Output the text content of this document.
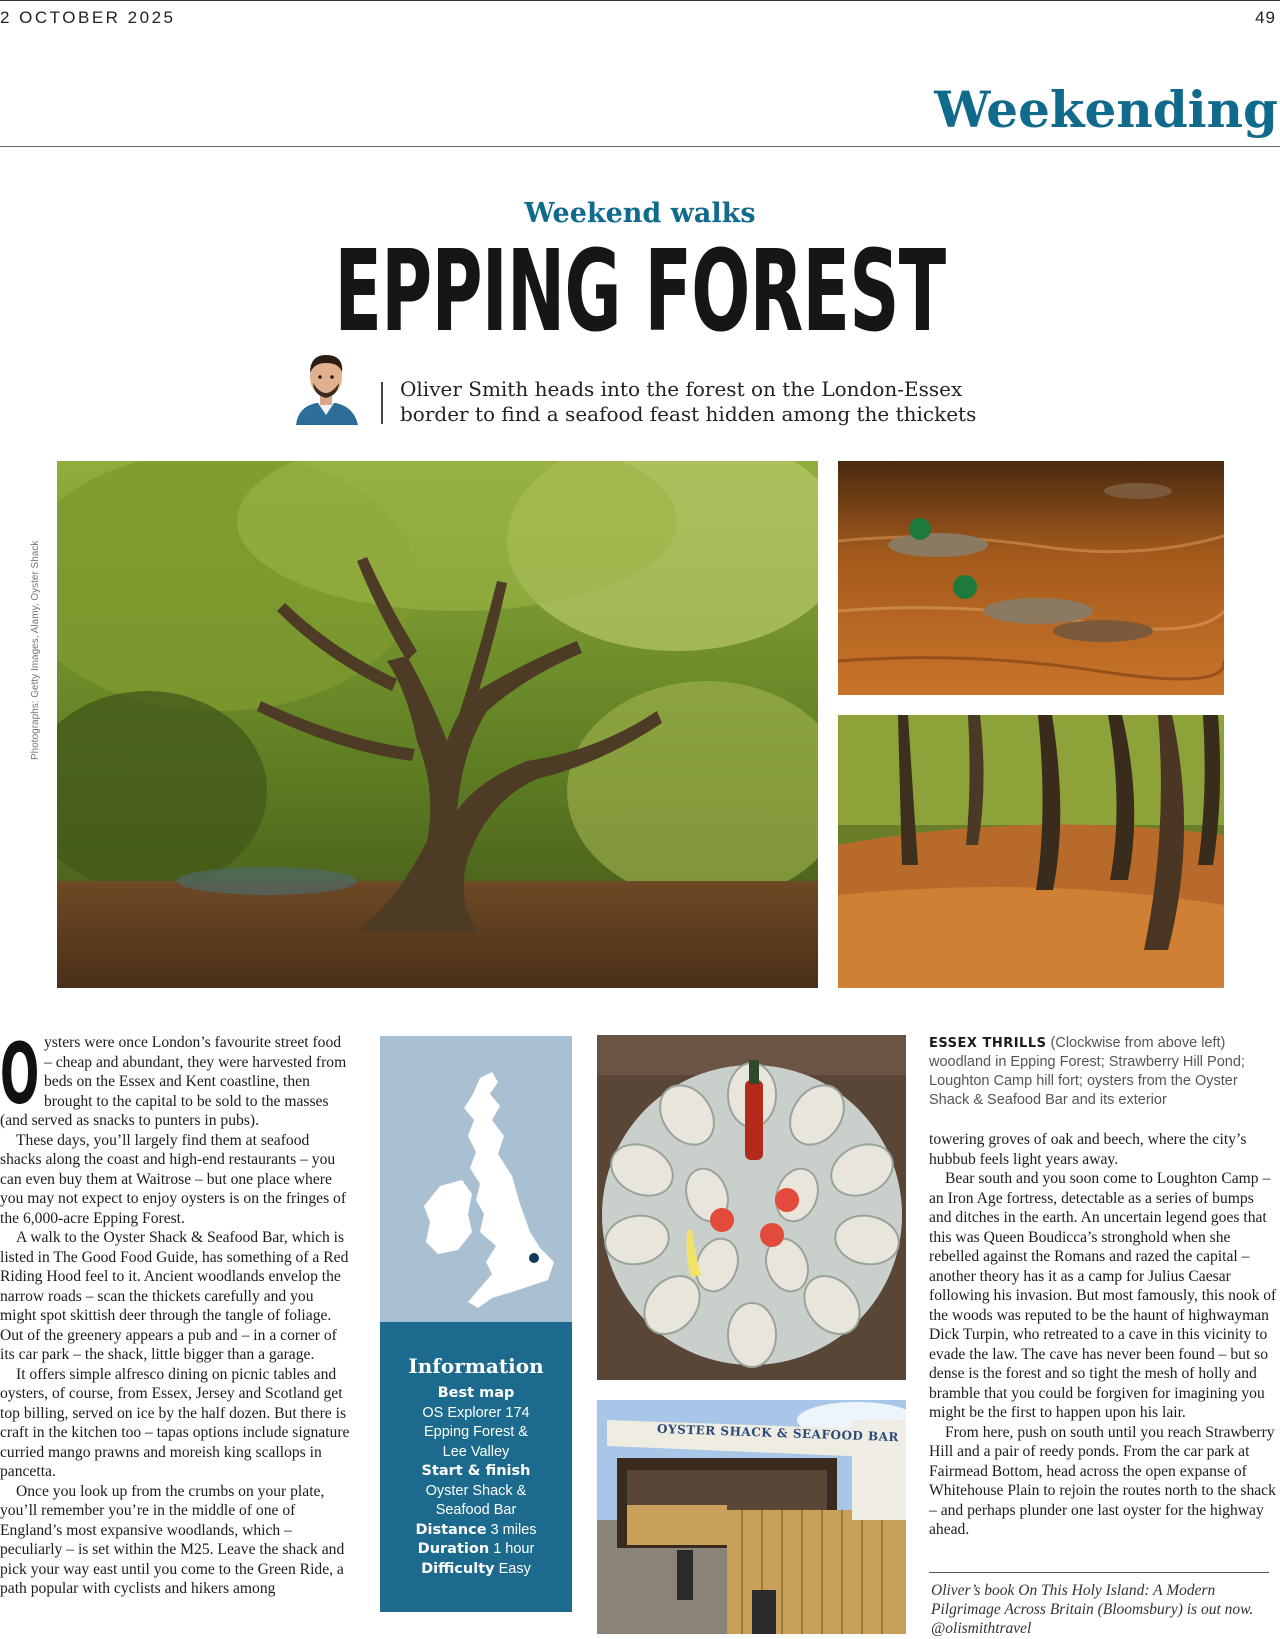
2 OCTOBER 2025	49
Weekending
Weekend walks
EPPING FOREST
Oliver Smith heads into the forest on the London-Essex border to find a seafood feast hidden among the thickets
Photographs: Getty Images, Alamy, Oyster Shack

Oysters were once London’s favourite street food – cheap and abundant, they were harvested from beds on the Essex and Kent coastline, then brought to the capital to be sold to the masses (and served as snacks to punters in pubs).

These days, you’ll largely find them at seafood shacks along the coast and high-end restaurants – you can even buy them at Waitrose – but one place where you may not expect to enjoy oysters is on the fringes of the 6,000-acre Epping Forest.

A walk to the Oyster Shack & Seafood Bar, which is listed in The Good Food Guide, has something of a Red Riding Hood feel to it. Ancient woodlands envelop the narrow roads – scan the thickets carefully and you might spot skittish deer through the tangle of foliage. Out of the greenery appears a pub and – in a corner of its car park – the shack, little bigger than a garage.

It offers simple alfresco dining on picnic tables and oysters, of course, from Essex, Jersey and Scotland get top billing, served on ice by the half dozen. But there is craft in the kitchen too – tapas options include signature curried mango prawns and moreish king scallops in pancetta.

Once you look up from the crumbs on your plate, you’ll remember you’re in the middle of one of England’s most expansive woodlands, which – peculiarly – is set within the M25. Leave the shack and pick your way east until you come to the Green Ride, a path popular with cyclists and hikers among

Information
Best map
OS Explorer 174 Epping Forest & Lee Valley
Start & finish
Oyster Shack & Seafood Bar
Distance 3 miles
Duration 1 hour
Difficulty Easy
OYSTER SHACK & SEAFOOD BAR
ESSEX THRILLS (Clockwise from above left) woodland in Epping Forest; Strawberry Hill Pond; Loughton Camp hill fort; oysters from the Oyster Shack & Seafood Bar and its exterior

towering groves of oak and beech, where the city’s hubbub feels light years away.

Bear south and you soon come to Loughton Camp – an Iron Age fortress, detectable as a series of bumps and ditches in the earth. An uncertain legend goes that this was Queen Boudicca’s stronghold when she rebelled against the Romans and razed the capital – another theory has it as a camp for Julius Caesar following his invasion. But most famously, this nook of the woods was reputed to be the haunt of highwayman Dick Turpin, who retreated to a cave in this vicinity to evade the law. The cave has never been found – but so dense is the forest and so tight the mesh of holly and bramble that you could be forgiven for imagining you might be the first to happen upon his lair.

From here, push on south until you reach Strawberry Hill and a pair of reedy ponds. From the car park at Fairmead Bottom, head across the open expanse of Whitehouse Plain to rejoin the routes north to the shack – and perhaps plunder one last oyster for the highway ahead.

Oliver’s book On This Holy Island: A Modern Pilgrimage Across Britain (Bloomsbury) is out now. @olismithtravel
